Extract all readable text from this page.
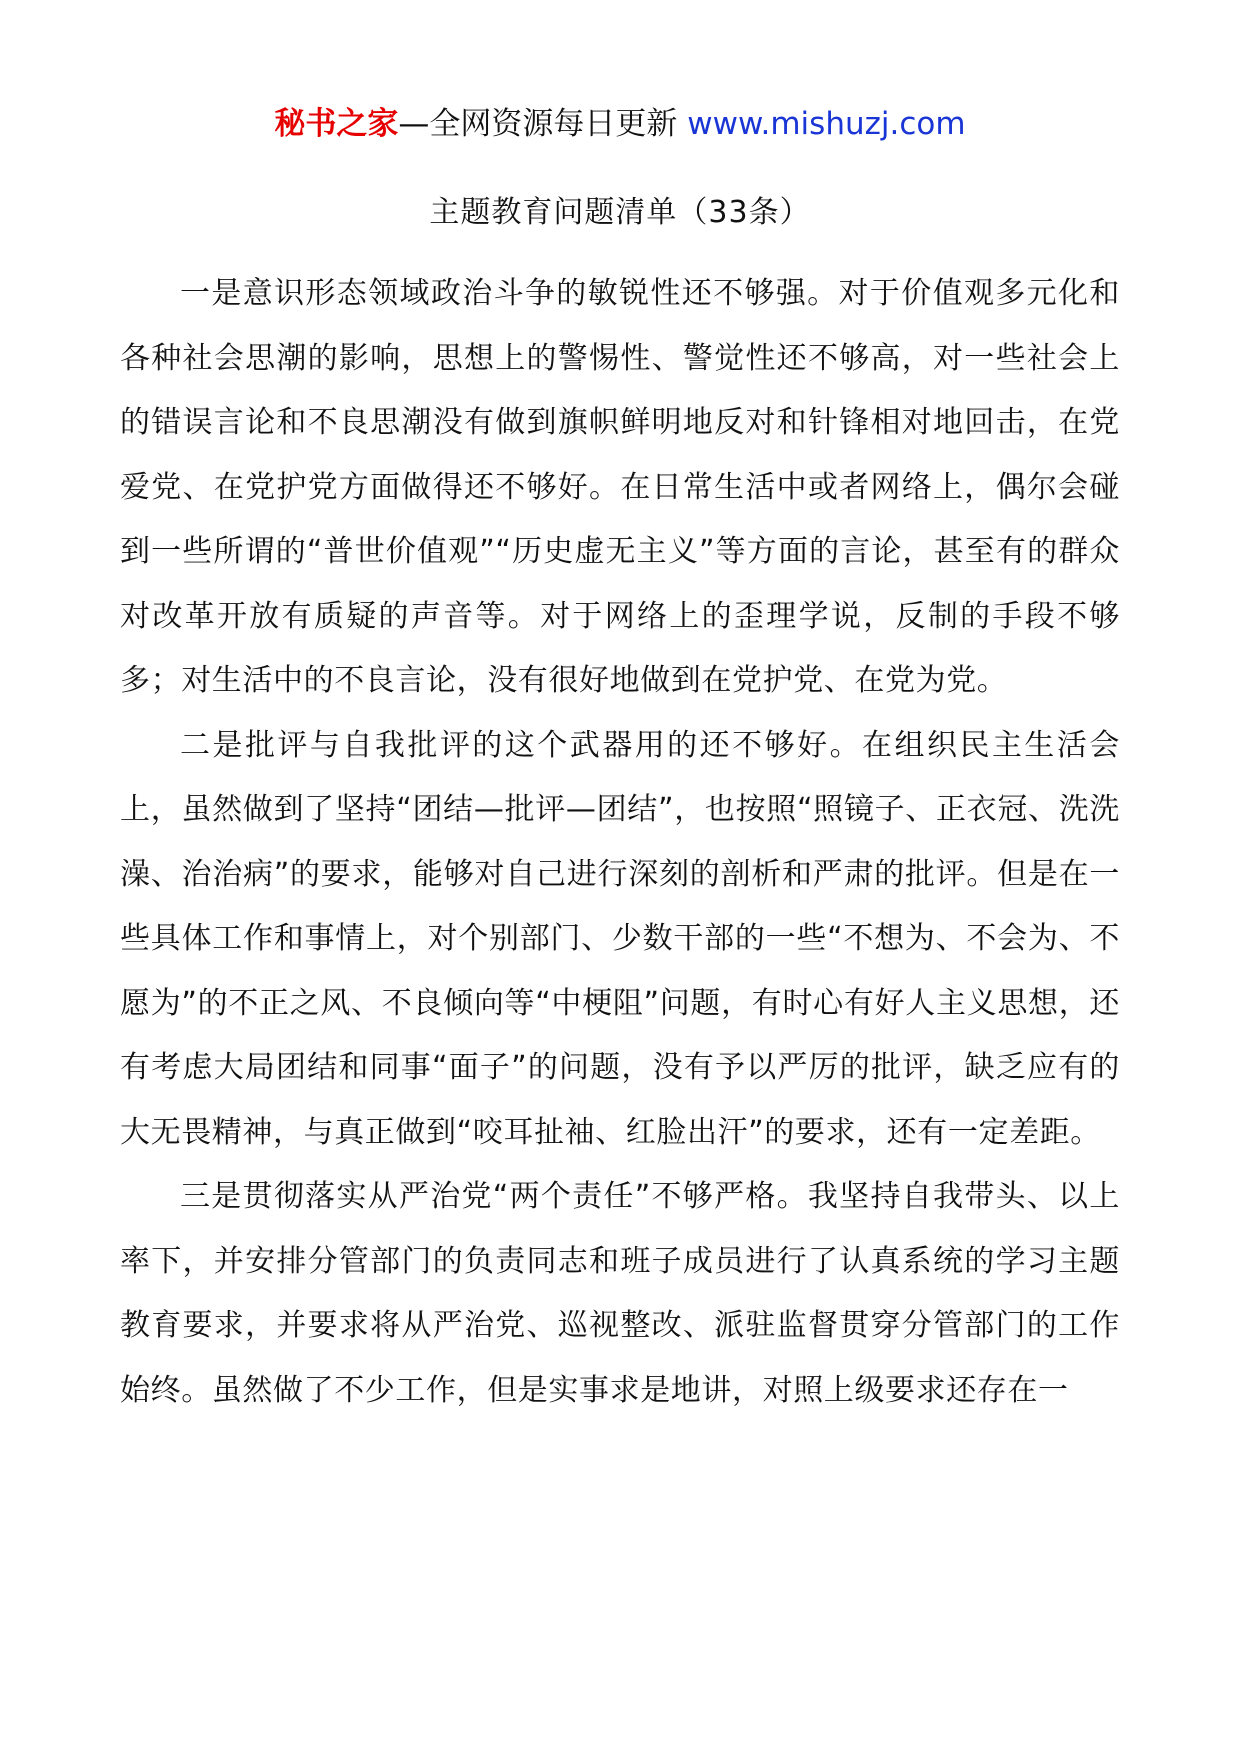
秘书之家—全网资源每日更新 www.mishuzj.com
主题教育问题清单（33条）

一是意识形态领域政治斗争的敏锐性还不够强。对于价值观多元化和各种社会思潮的影响，思想上的警惕性、警觉性还不够高，对一些社会上的错误言论和不良思潮没有做到旗帜鲜明地反对和针锋相对地回击，在党爱党、在党护党方面做得还不够好。在日常生活中或者网络上，偶尔会碰到一些所谓的“普世价值观”“历史虚无主义”等方面的言论，甚至有的群众对改革开放有质疑的声音等。对于网络上的歪理学说，反制的手段不够多；对生活中的不良言论，没有很好地做到在党护党、在党为党。

二是批评与自我批评的这个武器用的还不够好。在组织民主生活会上，虽然做到了坚持“团结—批评—团结”，也按照“照镜子、正衣冠、洗洗澡、治治病”的要求，能够对自己进行深刻的剖析和严肃的批评。但是在一些具体工作和事情上，对个别部门、少数干部的一些“不想为、不会为、不愿为”的不正之风、不良倾向等“中梗阻”问题，有时心有好人主义思想，还有考虑大局团结和同事“面子”的问题，没有予以严厉的批评，缺乏应有的大无畏精神，与真正做到“咬耳扯袖、红脸出汗”的要求，还有一定差距。

三是贯彻落实从严治党“两个责任”不够严格。我坚持自我带头、以上率下，并安排分管部门的负责同志和班子成员进行了认真系统的学习主题教育要求，并要求将从严治党、巡视整改、派驻监督贯穿分管部门的工作始终。虽然做了不少工作，但是实事求是地讲，对照上级要求还存在一
